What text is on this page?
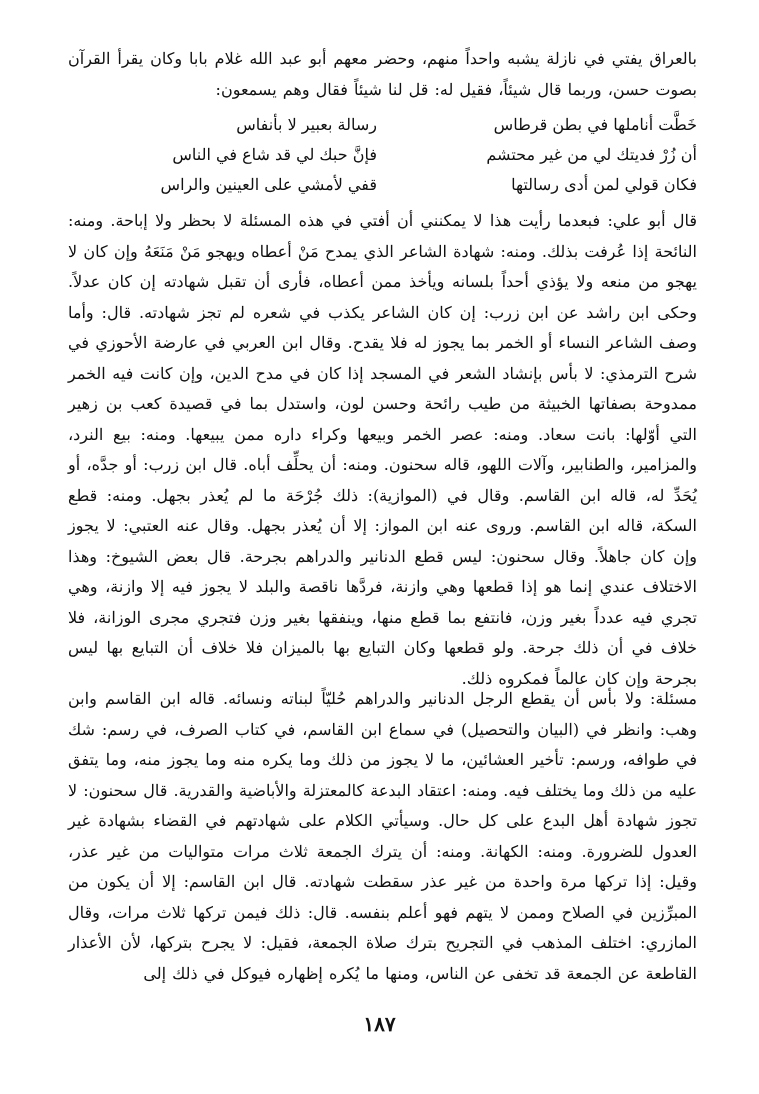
بالعراق يفتي في نازلة يشبه واحداً منهم، وحضر معهم أبو عبد الله غلام بابا وكان يقرأ القرآن بصوت حسن، وربما قال شيئاً، فقيل له: قل لنا شيئاً فقال وهم يسمعون:
خَطَّت أناملها في بطن قرطاس
رسالة بعبير لا بأنفاس
أن زُرْ فديتك لي من غير محتشم
فإنَّ حبك لي قد شاع في الناس
فكان قولي لمن أدى رسالتها
قفي لأمشي على العينين والراس
قال أبو علي: فبعدما رأيت هذا لا يمكنني أن أفتي في هذه المسئلة لا بحظر ولا إباحة. ومنه: النائحة إذا عُرفت بذلك. ومنه: شهادة الشاعر الذي يمدح مَنْ أعطاه ويهجو مَنْ مَنَعَهُ وإن كان لا يهجو من منعه ولا يؤذي أحداً بلسانه ويأخذ ممن أعطاه، فأرى أن تقبل شهادته إن كان عدلاً. وحكى ابن راشد عن ابن زرب: إن كان الشاعر يكذب في شعره لم تجز شهادته. قال: وأما وصف الشاعر النساء أو الخمر بما يجوز له فلا يقدح. وقال ابن العربي في عارضة الأحوزي في شرح الترمذي: لا بأس بإنشاد الشعر في المسجد إذا كان في مدح الدين، وإن كانت فيه الخمر ممدوحة بصفاتها الخبيثة من طيب رائحة وحسن لون، واستدل بما في قصيدة كعب بن زهير التي أوّلها: بانت سعاد. ومنه: عصر الخمر وبيعها وكراء داره ممن يبيعها. ومنه: بيع النرد، والمزامير، والطنابير، وآلات اللهو، قاله سحنون. ومنه: أن يحلِّف أباه. قال ابن زرب: أو جدَّه، أو يُحَدِّ له، قاله ابن القاسم. وقال في (الموازية): ذلك جُرْحَة ما لم يُعذر بجهل. ومنه: قطع السكة، قاله ابن القاسم. وروى عنه ابن المواز: إلا أن يُعذر بجهل. وقال عنه العتبي: لا يجوز وإن كان جاهلاً. وقال سحنون: ليس قطع الدنانير والدراهم بجرحة. قال بعض الشيوخ: وهذا الاختلاف عندي إنما هو إذا قطعها وهي وازنة، فردَّها ناقصة والبلد لا يجوز فيه إلا وازنة، وهي تجري فيه عدداً بغير وزن، فانتفع بما قطع منها، وينفقها بغير وزن فتجري مجرى الوزانة، فلا خلاف في أن ذلك جرحة. ولو قطعها وكان التبايع بها بالميزان فلا خلاف أن التبايع بها ليس بجرحة وإن كان عالماً فمكروه ذلك.
مسئلة: ولا بأس أن يقطع الرجل الدنانير والدراهم حُليّاً لبناته ونسائه. قاله ابن القاسم وابن وهب: وانظر في (البيان والتحصيل) في سماع ابن القاسم، في كتاب الصرف، في رسم: شك في طوافه، ورسم: تأخير العشائين، ما لا يجوز من ذلك وما يكره منه وما يجوز منه، وما يتفق عليه من ذلك وما يختلف فيه. ومنه: اعتقاد البدعة كالمعتزلة والأباضية والقدرية. قال سحنون: لا تجوز شهادة أهل البدع على كل حال. وسيأتي الكلام على شهادتهم في القضاء بشهادة غير العدول للضرورة. ومنه: الكهانة. ومنه: أن يترك الجمعة ثلاث مرات متواليات من غير عذر، وقيل: إذا تركها مرة واحدة من غير عذر سقطت شهادته. قال ابن القاسم: إلا أن يكون من المبرِّزين في الصلاح وممن لا يتهم فهو أعلم بنفسه. قال: ذلك فيمن تركها ثلاث مرات، وقال المازري: اختلف المذهب في التجريح بترك صلاة الجمعة، فقيل: لا يجرح بتركها، لأن الأعذار القاطعة عن الجمعة قد تخفى عن الناس، ومنها ما يُكره إظهاره فيوكل في ذلك إلى
١٨٧
